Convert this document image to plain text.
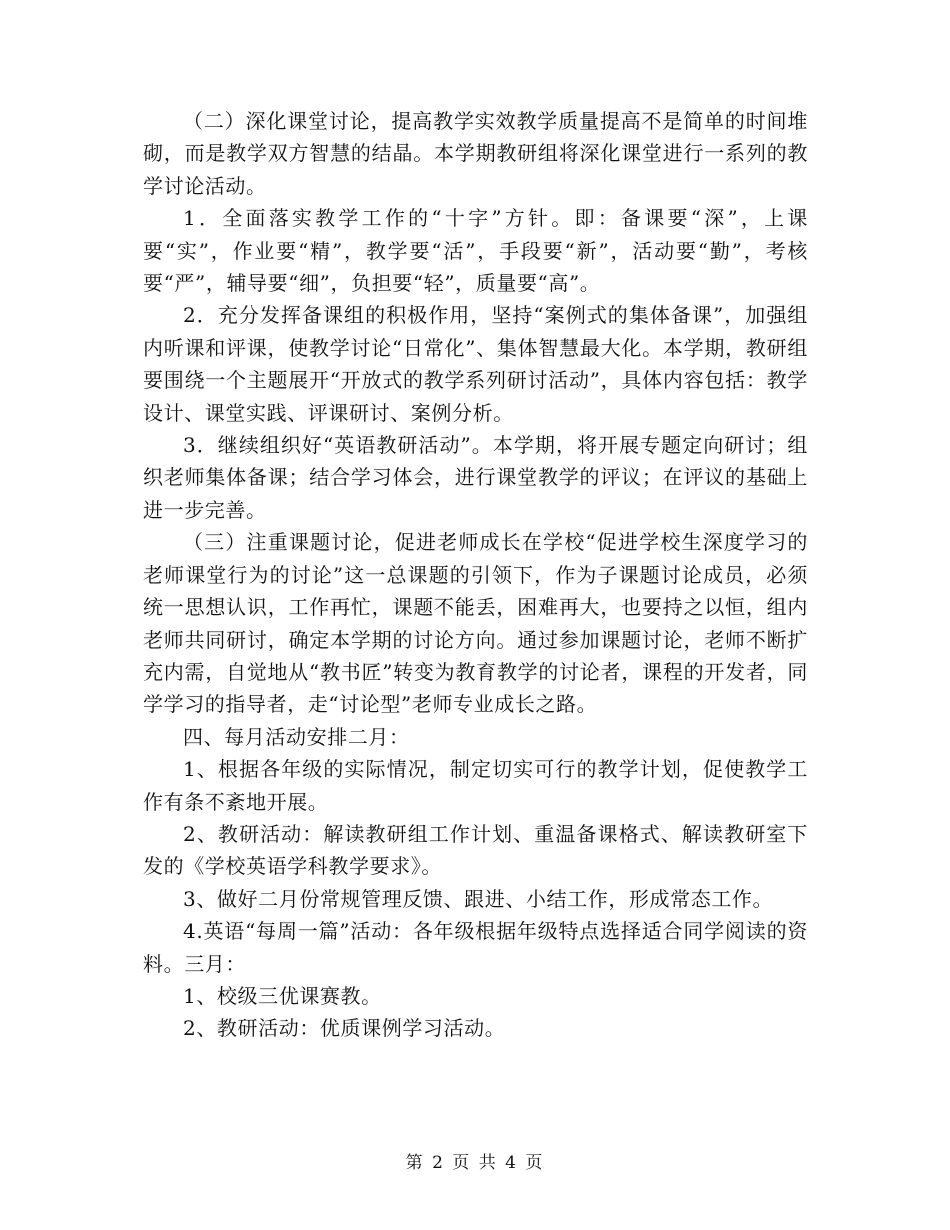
（二）深化课堂讨论，提高教学实效教学质量提高不是简单的时间堆砌，而是教学双方智慧的结晶。本学期教研组将深化课堂进行一系列的教学讨论活动。

1．全面落实教学工作的“十字”方针。即：备课要“深”，上课要“实”，作业要“精”，教学要“活”，手段要“新”，活动要“勤”，考核要“严”，辅导要“细”，负担要“轻”，质量要“高”。

2．充分发挥备课组的积极作用，坚持“案例式的集体备课”，加强组内听课和评课，使教学讨论“日常化”、集体智慧最大化。本学期，教研组要围绕一个主题展开“开放式的教学系列研讨活动”，具体内容包括：教学设计、课堂实践、评课研讨、案例分析。

3．继续组织好“英语教研活动”。本学期，将开展专题定向研讨；组织老师集体备课；结合学习体会，进行课堂教学的评议；在评议的基础上进一步完善。

（三）注重课题讨论，促进老师成长在学校“促进学校生深度学习的老师课堂行为的讨论”这一总课题的引领下，作为子课题讨论成员，必须统一思想认识，工作再忙，课题不能丢，困难再大，也要持之以恒，组内老师共同研讨，确定本学期的讨论方向。通过参加课题讨论，老师不断扩充内需，自觉地从“教书匠”转变为教育教学的讨论者，课程的开发者，同学学习的指导者，走“讨论型”老师专业成长之路。

四、每月活动安排二月：

1、根据各年级的实际情况，制定切实可行的教学计划，促使教学工作有条不紊地开展。

2、教研活动：解读教研组工作计划、重温备课格式、解读教研室下发的《学校英语学科教学要求》。

3、做好二月份常规管理反馈、跟进、小结工作，形成常态工作。

4.英语“每周一篇”活动：各年级根据年级特点选择适合同学阅读的资料。三月：

1、校级三优课赛教。

2、教研活动：优质课例学习活动。

第 2 页 共 4 页
